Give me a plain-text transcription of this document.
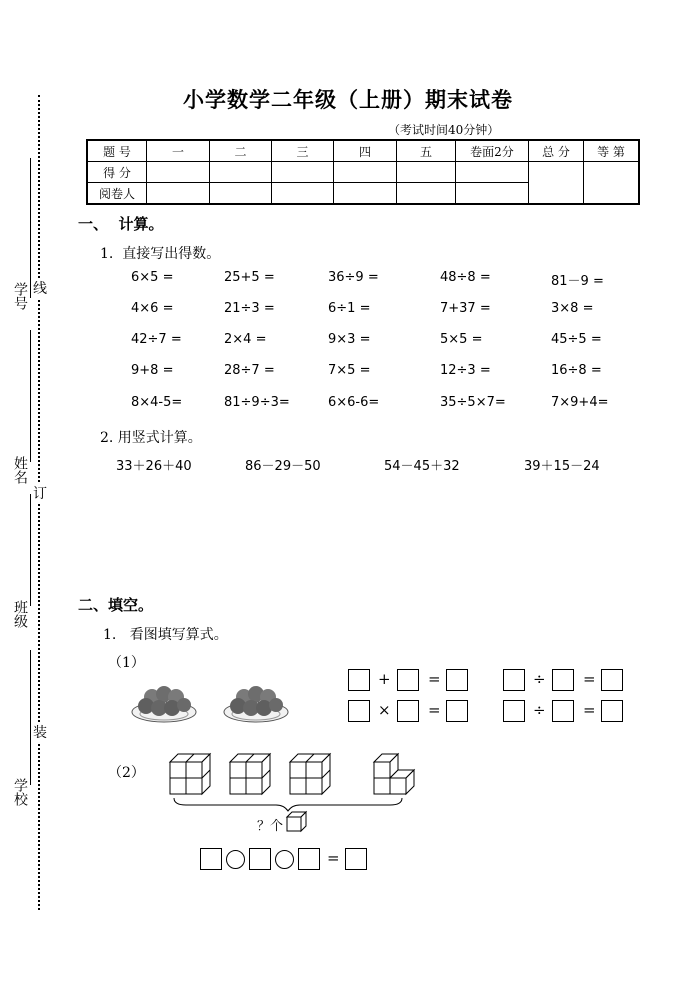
学号
姓名
班级
学校
线
订
装
小学数学二年级（上册）期末试卷
（考试时间40分钟）
题 号	一	二	三	四	五	卷面2分	总 分	等 第
得 分								
阅卷人								
一、  计算。
1.  直接写出得数。
6×5 =	25+5 =	36÷9 =	48÷8 =	81－9 =
4×6 =	21÷3 =	6÷1 =	7+37 =	3×8 =
42÷7 =	2×4 =	9×3 =	5×5 =	45÷5 =
9+8 =	28÷7 =	7×5 =	12÷3 =	16÷8 =
8×4-5=	81÷9÷3=	6×6-6=	35÷5×7=	7×9+4=
2. 用竖式计算。
33＋26＋40	86－29－50	54－45＋32	39＋15－24
二、填空。
1.   看图填写算式。
（1）
+ =	÷ =
× =	÷ =
（2）
？个
=
